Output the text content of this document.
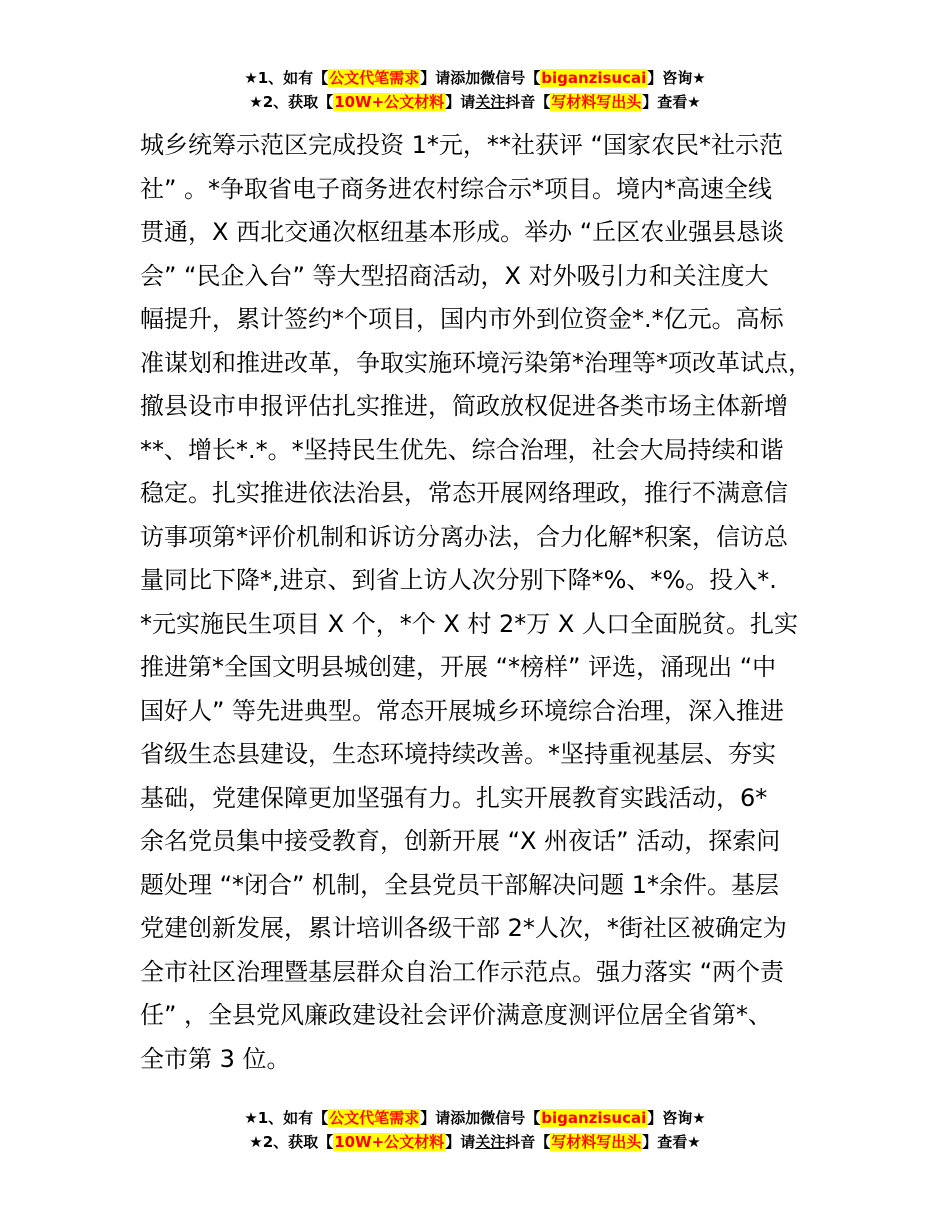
★1、如有【公文代笔需求】请添加微信号【biganzisucai】咨询★
★2、获取【10W+公文材料】请关注抖音【写材料写出头】查看★
城乡统筹示范区完成投资 1*元，**社获评 “国家农民*社示范
社” 。*争取省电子商务进农村综合示*项目。境内*高速全线
贯通，X 西北交通次枢纽基本形成。举办 “丘区农业强县恳谈
会” “民企入台” 等大型招商活动，X 对外吸引力和关注度大
幅提升，累计签约*个项目，国内市外到位资金*.*亿元。高标
准谋划和推进改革，争取实施环境污染第*治理等*项改革试点，
撤县设市申报评估扎实推进，简政放权促进各类市场主体新增
**、增长*.*。*坚持民生优先、综合治理，社会大局持续和谐
稳定。扎实推进依法治县，常态开展网络理政，推行不满意信
访事项第*评价机制和诉访分离办法，合力化解*积案，信访总
量同比下降*,进京、到省上访人次分别下降*%、*%。投入*.
*元实施民生项目 X 个，*个 X 村 2*万 X 人口全面脱贫。扎实
推进第*全国文明县城创建，开展 “*榜样” 评选，涌现出 “中
国好人” 等先进典型。常态开展城乡环境综合治理，深入推进
省级生态县建设，生态环境持续改善。*坚持重视基层、夯实
基础，党建保障更加坚强有力。扎实开展教育实践活动，6*
余名党员集中接受教育，创新开展 “X 州夜话” 活动，探索问
题处理 “*闭合” 机制，全县党员干部解决问题 1*余件。基层
党建创新发展，累计培训各级干部 2*人次，*街社区被确定为
全市社区治理暨基层群众自治工作示范点。强力落实 “两个责
任” ，全县党风廉政建设社会评价满意度测评位居全省第*、
全市第 3 位。
★1、如有【公文代笔需求】请添加微信号【biganzisucai】咨询★
★2、获取【10W+公文材料】请关注抖音【写材料写出头】查看★
